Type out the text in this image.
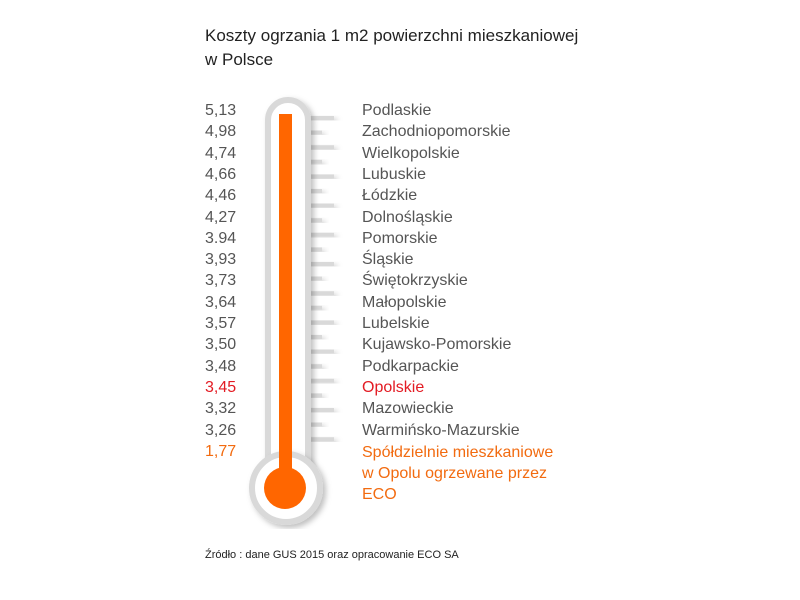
Koszty ogrzania 1 m2 powierzchni mieszkaniowej
w Polsce
5,13	Podlaskie
4,98	Zachodniopomorskie
4,74	Wielkopolskie
4,66	Lubuskie
4,46	Łódzkie
4,27	Dolnośląskie
3.94	Pomorskie
3,93	Śląskie
3,73	Świętokrzyskie
3,64	Małopolskie
3,57	Lubelskie
3,50	Kujawsko-Pomorskie
3,48	Podkarpackie
3,45	Opolskie
3,32	Mazowieckie
3,26	Warmińsko-Mazurskie
1,77	Spółdzielnie mieszkaniowe
w Opolu ogrzewane przez
ECO
Źródło : dane GUS 2015 oraz opracowanie ECO SA
